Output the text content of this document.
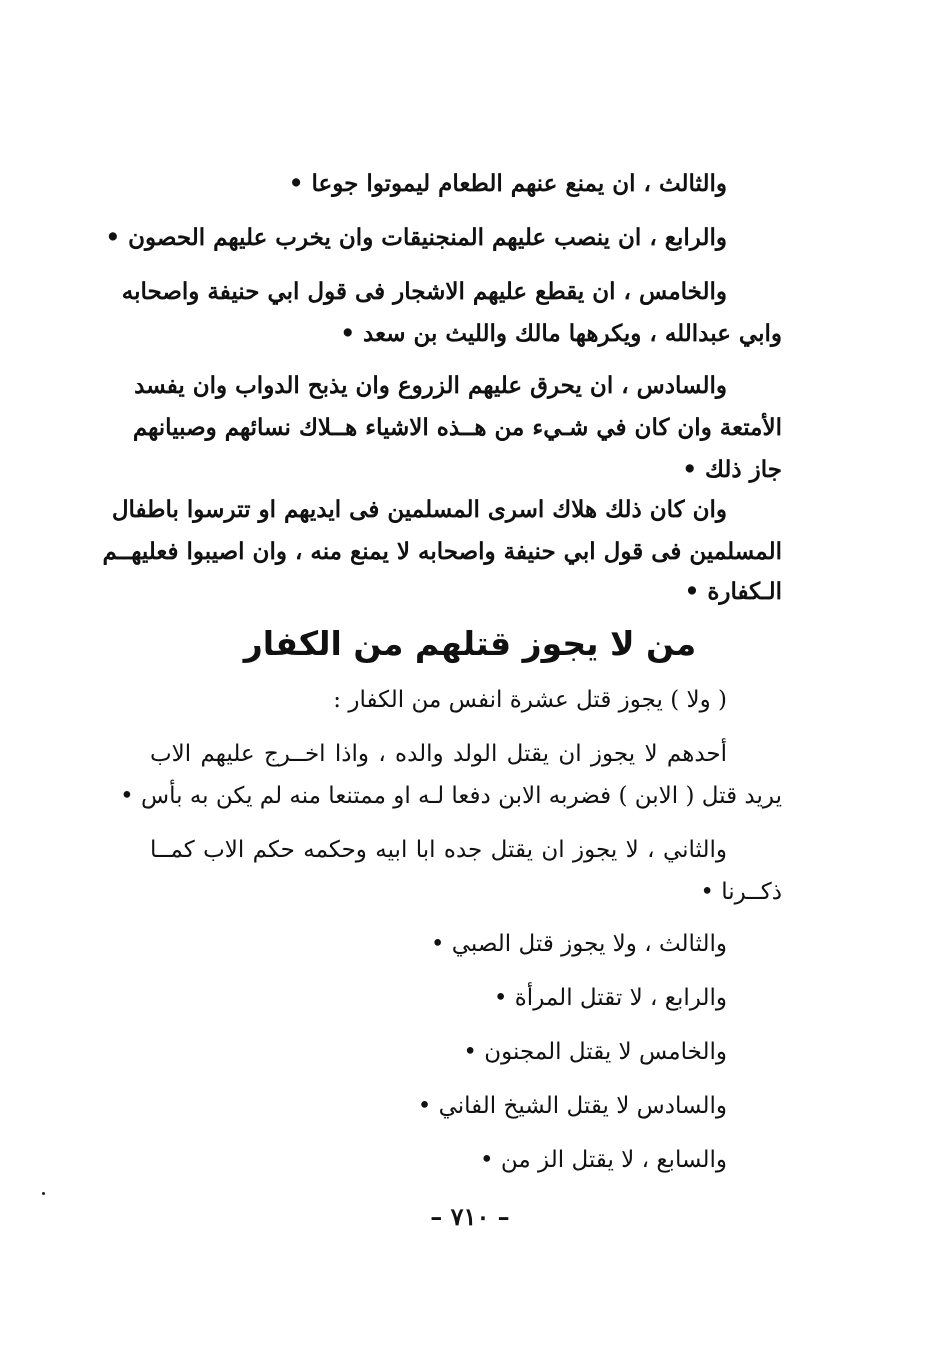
والثالث ، ان يمنع عنهم الطعام ليموتوا جوعا •
والرابع ، ان ينصب عليهم المنجنيقات وان يخرب عليهم الحصون •
والخامس ، ان يقطع عليهم الاشجار فى قول ابي حنيفة واصحابه
وابي عبدالله ، ويكرهها مالك والليث بن سعد •
والسادس ، ان يحرق عليهم الزروع وان يذبح الدواب وان يفسد
الأمتعة وان كان في شـيء من هــذه الاشياء هــلاك نسائهم وصبيانهم
جاز ذلك •
وان كان ذلك هلاك اسرى المسلمين فى ايديهم او تترسوا باطفال
المسلمين فى قول ابي حنيفة واصحابه لا يمنع منه ، وان اصيبوا فعليهــم
الـكفارة •
من لا يجوز قتلهم من الكفار
( ولا ) يجوز قتل عشرة انفس من الكفار :
أحدهم لا يجوز ان يقتل الولد والده ، واذا اخــرج عليهم الاب
يريد قتل ( الابن ) فضربه الابن دفعا لـه او ممتنعا منه لم يكن به بأس •
والثاني ، لا يجوز ان يقتل جده ابا ابيه وحكمه حكم الاب كمــا
ذكــرنا •
والثالث ، ولا يجوز قتل الصبي •
والرابع ، لا تقتل المرأة •
والخامس لا يقتل المجنون •
والسادس لا يقتل الشيخ الفاني •
والسابع ، لا يقتل الز من •
– ٧١٠ –
